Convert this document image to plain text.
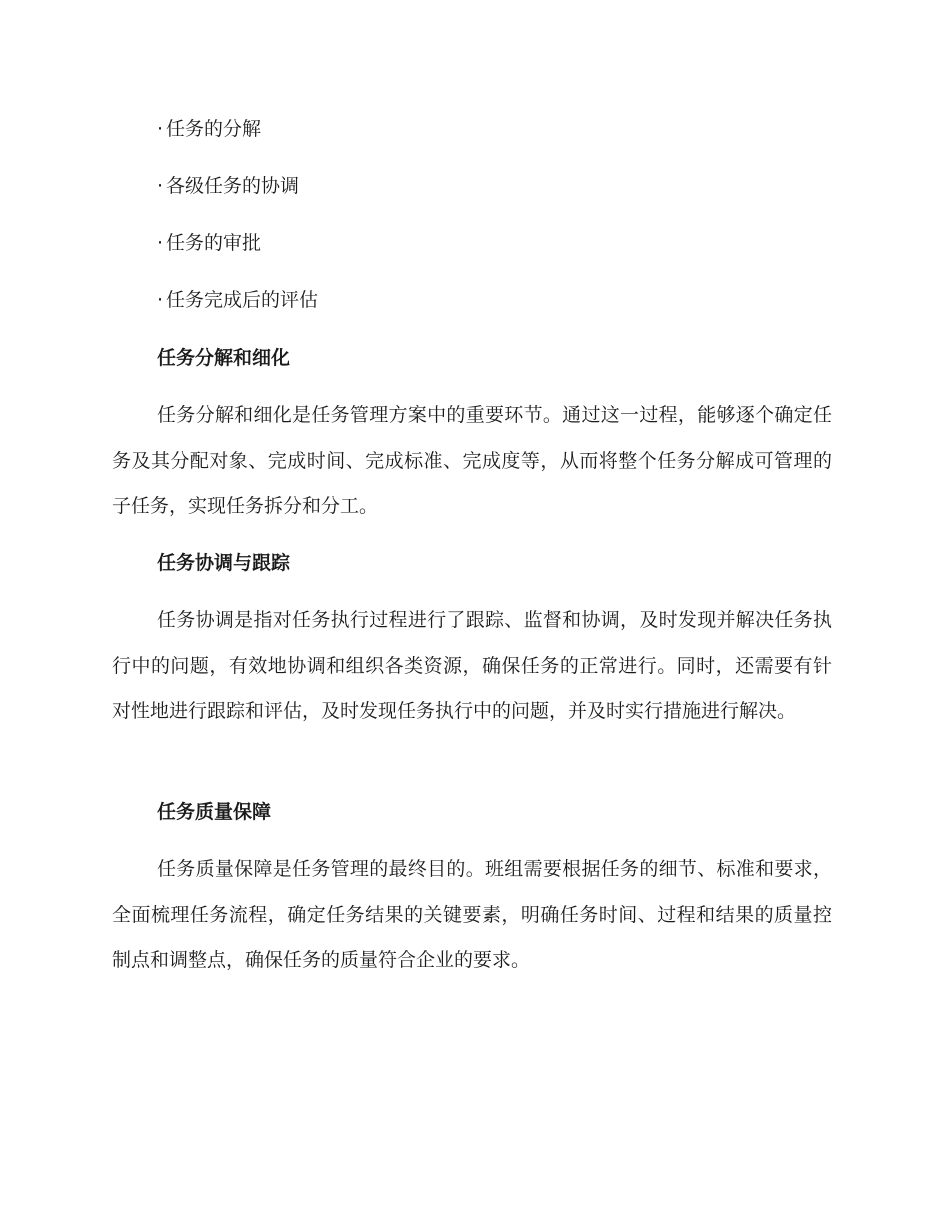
· 任务的分解
· 各级任务的协调
· 任务的审批
· 任务完成后的评估
任务分解和细化

任务分解和细化是任务管理方案中的重要环节。通过这一过程，能够逐个确定任务及其分配对象、完成时间、完成标准、完成度等，从而将整个任务分解成可管理的子任务，实现任务拆分和分工。

任务协调与跟踪

任务协调是指对任务执行过程进行了跟踪、监督和协调，及时发现并解决任务执行中的问题，有效地协调和组织各类资源，确保任务的正常进行。同时，还需要有针对性地进行跟踪和评估，及时发现任务执行中的问题，并及时实行措施进行解决。

任务质量保障

任务质量保障是任务管理的最终目的。班组需要根据任务的细节、标准和要求，全面梳理任务流程，确定任务结果的关键要素，明确任务时间、过程和结果的质量控制点和调整点，确保任务的质量符合企业的要求。
